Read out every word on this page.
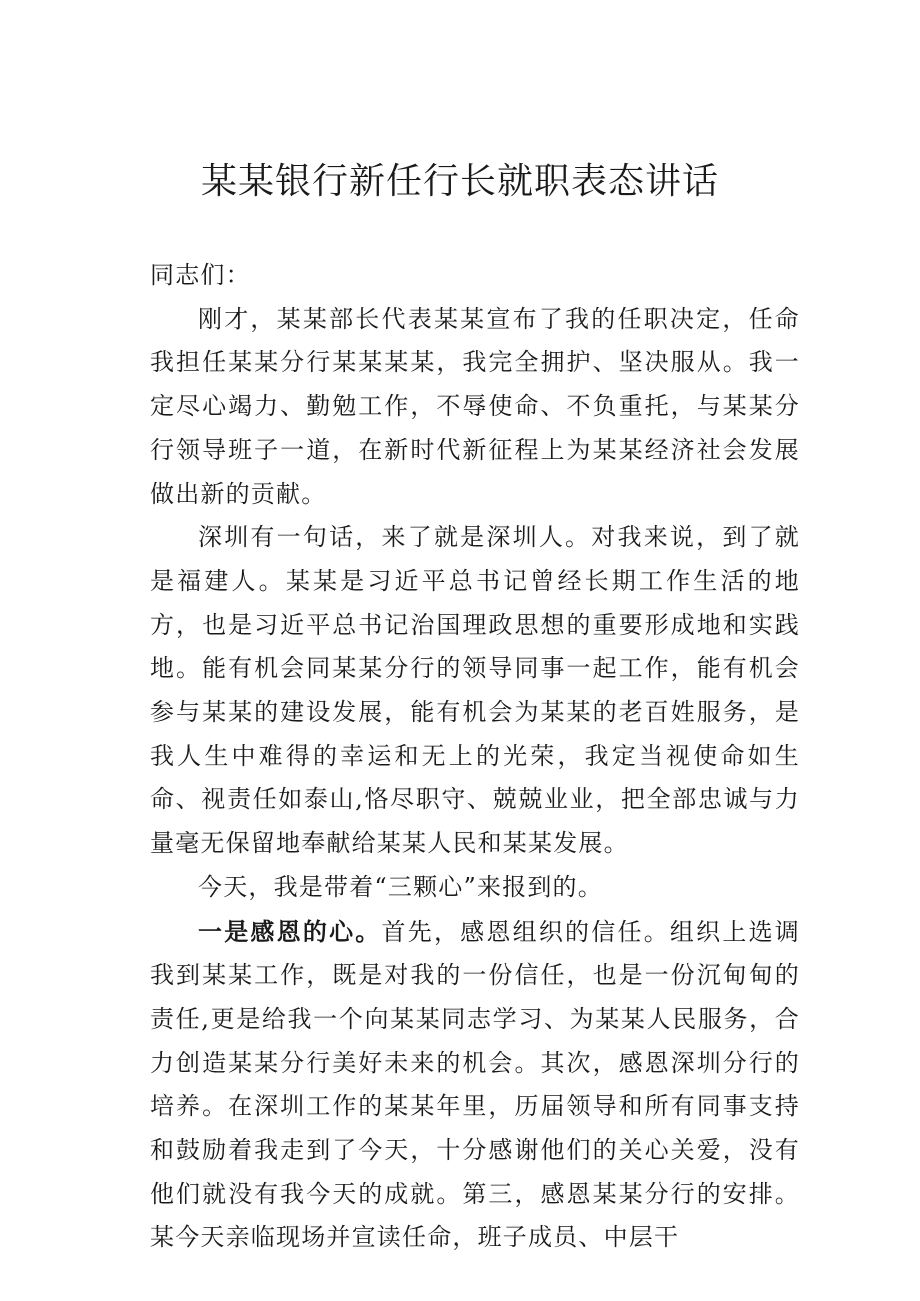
某某银行新任行长就职表态讲话

同志们：

刚才，某某部长代表某某宣布了我的任职决定，任命我担任某某分行某某某某，我完全拥护、坚决服从。我一定尽心竭力、勤勉工作，不辱使命、不负重托，与某某分行领导班子一道，在新时代新征程上为某某经济社会发展做出新的贡献。

深圳有一句话，来了就是深圳人。对我来说，到了就是福建人。某某是习近平总书记曾经长期工作生活的地方，也是习近平总书记治国理政思想的重要形成地和实践地。能有机会同某某分行的领导同事一起工作，能有机会参与某某的建设发展，能有机会为某某的老百姓服务，是我人生中难得的幸运和无上的光荣，我定当视使命如生命、视责任如泰山,恪尽职守、兢兢业业，把全部忠诚与力量毫无保留地奉献给某某人民和某某发展。

今天，我是带着“三颗心”来报到的。

一是感恩的心。首先，感恩组织的信任。组织上选调我到某某工作，既是对我的一份信任，也是一份沉甸甸的责任,更是给我一个向某某同志学习、为某某人民服务，合力创造某某分行美好未来的机会。其次，感恩深圳分行的培养。在深圳工作的某某年里，历届领导和所有同事支持和鼓励着我走到了今天，十分感谢他们的关心关爱，没有他们就没有我今天的成就。第三，感恩某某分行的安排。某今天亲临现场并宣读任命，班子成员、中层干
